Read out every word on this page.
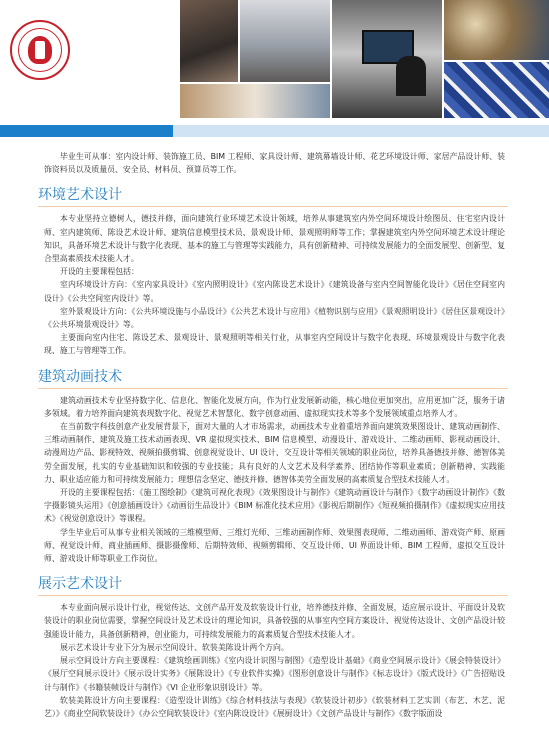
毕业生可从事：室内设计师、装饰施工员、BIM 工程师、家具设计师、建筑幕墙设计师、花艺环境设计师、家居产品设计师、装饰资料员以及质量员、安全员、材料员、预算员等工作。

环境艺术设计

本专业坚持立德树人，德技并修，面向建筑行业环境艺术设计领域，培养从事建筑室内外空间环境设计绘图员、住宅室内设计师、室内建筑师、陈设艺术设计师、建筑信息模型技术员、景观设计师、景观照明师等工作；掌握建筑室内外空间环境艺术设计理论知识，具备环境艺术设计与数字化表现、基本的施工与管理等实践能力，具有创新精神、可持续发展能力的全面发展型、创新型、复合型高素质技术技能人才。

开设的主要课程包括：

室内环境设计方向：《室内家具设计》《室内照明设计》《室内陈设艺术设计》《建筑设备与室内空间智能化设计》《居住空间室内设计》《公共空间室内设计》等。

室外景观设计方向：《公共环境设施与小品设计》《公共艺术设计与应用》《植物识别与应用》《景观照明设计》《居住区景观设计》《公共环境景观设计》等。

主要面向室内住宅、陈设艺术、景观设计、景观照明等相关行业，从事室内空间设计与数字化表现、环境景观设计与数字化表现、施工与管理等工作。

建筑动画技术

建筑动画技术专业坚持数字化、信息化、智能化发展方向，作为行业发展新动能，核心地位更加突出，应用更加广泛，服务于诸多领域。着力培养面向建筑表现数字化、视觉艺术智慧化、数字创意动画、虚拟现实技术等多个发展领域重点培养人才。

在当前数字科技创意产业发展背景下，面对大量的人才市场需求，动画技术专业着重培养面向建筑效果图设计、建筑动画制作、三维动画制作、建筑及施工技术动画表现、VR 虚拟现实技术、BIM 信息模型、动漫设计、游戏设计、二维动画师、影视动画设计、动漫周边产品、影视特效、视频拍摄剪辑、创意视觉设计、UI 设计、交互设计等相关领域的职业岗位，培养具备德技并修、德智体美劳全面发展，扎实的专业基础知识和较强的专业技能；具有良好的人文艺术及科学素养、团结协作等职业素质；创新精神、实践能力、职业适应能力和可持续发展能力；理想信念坚定、德技并修、德智体美劳全面发展的高素质复合型技术技能人才。

开设的主要课程包括：《施工图绘制》《建筑可视化表现》《效果图设计与制作》《建筑动画设计与制作》《数字动画设计制作》《数字摄影镜头运用》《创意插画设计》《动画衍生品设计》《BIM 标准化技术应用》《影视后期制作》《短视频拍摄制作》《虚拟现实应用技术》《视觉创意设计》等课程。

学生毕业后可从事专业相关领域的三维模型师、三维灯光师、三维动画制作师、效果图表现师、二维动画师、游戏资产师、原画师、视觉设计师、商业插画师、摄影摄像师、后期特效师、视频剪辑师、交互设计师、UI 界面设计师、BIM 工程师、虚拟交互设计师、游戏设计师等职业工作岗位。

展示艺术设计

本专业面向展示设计行业，视觉传达、文创产品开发及软装设计行业，培养德技并修、全面发展，适应展示设计、平面设计及软装设计的职业岗位需要，掌握空间设计及艺术设计的理论知识，具备较强的从事室内空间方案设计、视觉传达设计、文创产品设计较强能设计能力，具备创新精神，创业能力，可持续发展能力的高素质复合型技术技能人才。

展示艺术设计专业下分为展示空间设计、软装美陈设计两个方向。

展示空间设计方向主要课程：《建筑绘画训练》《室内设计识图与制图》《造型设计基础》《商业空间展示设计》《展会特装设计》《展厅空间展示设计》《展示设计实务》《展陈设计》《专业软件实操》《图形创意设计与制作》《标志设计》《版式设计》《广告招贴设计与制作》《书籍装帧设计与制作》《VI 企业形象识别设计》等。

软装美陈设计方向主要课程：《造型设计训练》《综合材料技法与表现》《软装设计初步》《软装材料工艺实训（布艺、木艺、泥艺）》《商业空间软装设计》《办公空间软装设计》《室内陈设设计》《展厨设计》《文创产品设计与制作》《数字版面设
